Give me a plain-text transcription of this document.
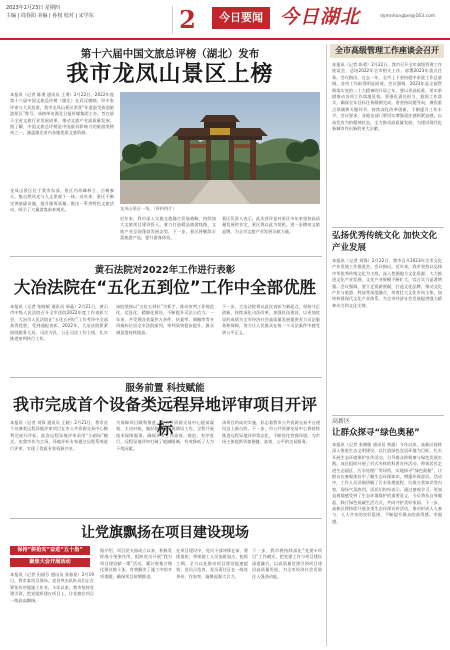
2023年2月23日 星期四
主编 | 周春阳 美编 | 孙权 校对 | 宋学东	2	今日要闻 今日湖北	dymnhongbei@163.com
第十六届中国文旅总评榜（湖北）发布
我市龙凤山景区上榜
本报讯（记者 陈勇 通讯员 王勇）2月22日，2022年度第十六届中国文旅总评榜（湖北）在武汉揭晓，经专家评审与大众投票，我市龙凤山景区荣获“年度最受欢迎旅游景区”称号。该榜单由湖北日报传媒集团主办，旨在展示全省文旅行业发展成果，推动文旅产业高质量发展。据了解，中国文旅总评榜是中国最具影响力的旅游类榜单之一，涵盖湖北省内各地优质文旅资源。
龙凤山景区一角。（资料图片）
龙凤山景区位于我市东部，景区内奇峰林立、古树参天，集自然风光与人文景观于一体。近年来，景区不断完善基础设施，提升服务质量，推出一系列特色文旅活动，吸引了大量游客前来观光。
近年来，我市深入实施文旅融合发展战略，持续加大文旅项目建设投入，着力打造精品旅游线路，文旅产业呈现蓬勃发展态势。下一步，景区将继续丰富旅游产品，提升游客体验。
景区负责人表示，此次获评是对景区多年来坚持高质量发展的肯定，景区将以此为契机，进一步擦亮文旅品牌，为全市文旅产业发展贡献力量。
黄石法院对2022年工作进行表彰
大冶法院在“五化五到位”工作中全部优胜
本报讯（记者 张晓敏 通讯员 周晶）2月21日，黄石市中级人民法院召开全市法院2022年度工作表彰大会，大冶市人民法院在“五化五到位”工作考评中全部获得优胜，受到通报表彰。2022年，大冶法院紧紧围绕服务大局、司法为民、公正司法工作主线，扎实推进审判执行工作。
该院坚持以“五化五到位”为抓手，推动审判工作规范化、信息化、精细化建设，不断提升司法公信力。一年来，共受理各类案件万余件，结案率、调撤率等多项指标位居全市法院前列，审判质效稳步提升，群众满意度持续提高。
下一步，大冶法院将以此次表彰为新起点，坚持守正创新，持续深化司法改革，加强队伍建设，以更加优异的成绩为全市经济社会高质量发展提供有力司法服务和保障，努力让人民群众在每一个司法案件中感受到公平正义。
服务前置 科技赋能
我市完成首个设备类远程异地评审项目开评标
本报讯（记者 刘锋 通讯员 王晓）2月21日，我市首个设备类远程异地评审项目在市公共资源交易中心顺利完成开评标。此次远程异地评审采用“主副场”模式，由我市作为主场，异地评标专家通过远程系统进行评审，实现了优质专家资源共享。
为保障项目顺利推进，市公共资源交易中心提前谋划，主动对接，做好软硬件设施调试工作，全程开展技术保障服务，确保评审工作高效、规范、有序进行。远程异地评审打破了地域限制，有效降低了人为干扰因素。
该项目的成功实施，标志着我市公共资源交易平台建设迈上新台阶。下一步，市公共资源交易中心将持续推进远程异地评审常态化，不断优化营商环境，为市场主体提供更加便捷、高效、公平的交易服务。
让党旗飘扬在项目建设现场
保持“拼抢实”奋进“五十指”
聚焦大会开展活动
本报讯（记者 田丽芬 通讯员 张春星）2月19日，我市某项目现场，党员突击队队员们正在紧张有序地施工作业。今年以来，我市坚持党建引领，把党组织建在项目上，让党旗在项目一线高高飘扬。
据介绍，项目党支部成立以来，积极发挥战斗堡垒作用，组织党员开展“我为项目建设献一策”活动，累计收集合理化建议数十条，有效解决了施工中的多项难题，确保项目按期推进。
在项目建设中，党员干部冲锋在前、勇挑重担，带领施工人员加班加点，抢抓工期，全力以赴推动项目建设提速提效。党员示范岗、党员责任区在一线亮身份、作表率，凝聚起强大合力。
下一步，我市将持续深化“党建+项目”工作模式，把党建工作与项目建设深度融合，以高质量党建引领项目建设高质量发展，为全市经济社会发展注入强劲动能。
全市高级管理工作座谈会召开
本报讯（记者 陈勇）2月22日，我市召开全市高级管理工作座谈会，总结2022年全市相关工作，部署2023年重点任务。会议指出，过去一年，全市上下坚持稳中求进工作总基调，各项工作取得明显成效。会议强调，2023年是全面贯彻落实党的二十大精神的开局之年，要以更高标准、更实举措推动各项工作落地见效。要强化责任担当，狠抓工作落实，确保全年目标任务圆满完成。要坚持问题导向，聚焦重点领域和关键环节，持续深化改革创新，不断提升工作水平。会议要求，各地各部门要切实增强责任感和紧迫感，以奋发有为的精神状态，全力推动高质量发展，为建设现代化新城市作出新的更大贡献。
弘扬优秀传统文化 加快文化产业发展
本报讯（记者 刘锋）2月22日，我市召开2023年全市文化产业发展工作推进会。会议指出，近年来，我市坚持以弘扬中华优秀传统文化为主线，深入挖掘地方文化资源，大力推进文化产业发展，文化产业规模不断扩大，综合实力显著增强。会议强调，要立足资源禀赋，打造文化品牌，推动文化产业与旅游、科技等深度融合，培育壮大文化市场主体，加快构建现代文化产业体系，为全市经济社会发展提供强大精神动力和文化支撑。
高新区
让群众探寻“绿色奥秘”
本报讯（记者 张晓敏 通讯员 黄露）今年以来，高新区持续深入推进生态文明建设，以打造绿色宜居环境为目标，扎实开展生态环境保护宣传活动，引导群众积极参与绿色发展实践。该区组织开展了形式多样的科普宣传活动，带领居民走进生态园区、污水处理厂等场所，实地探寻“绿色奥秘”，让群众在参观体验中了解生态环保知识，增强环保意识。活动中，工作人员详细讲解了污水处理流程、垃圾分类知识等内容，现场气氛热烈。居民们纷纷表示，通过参观学习，更加直观地感受到了生态环境保护的重要意义，今后将从自身做起，践行绿色低碳生活方式，共同守护美好家园。下一步，高新区将持续开展各类生态环保宣传活动，推动形成人人参与、人人共享的良好氛围，不断提升群众的获得感、幸福感。
